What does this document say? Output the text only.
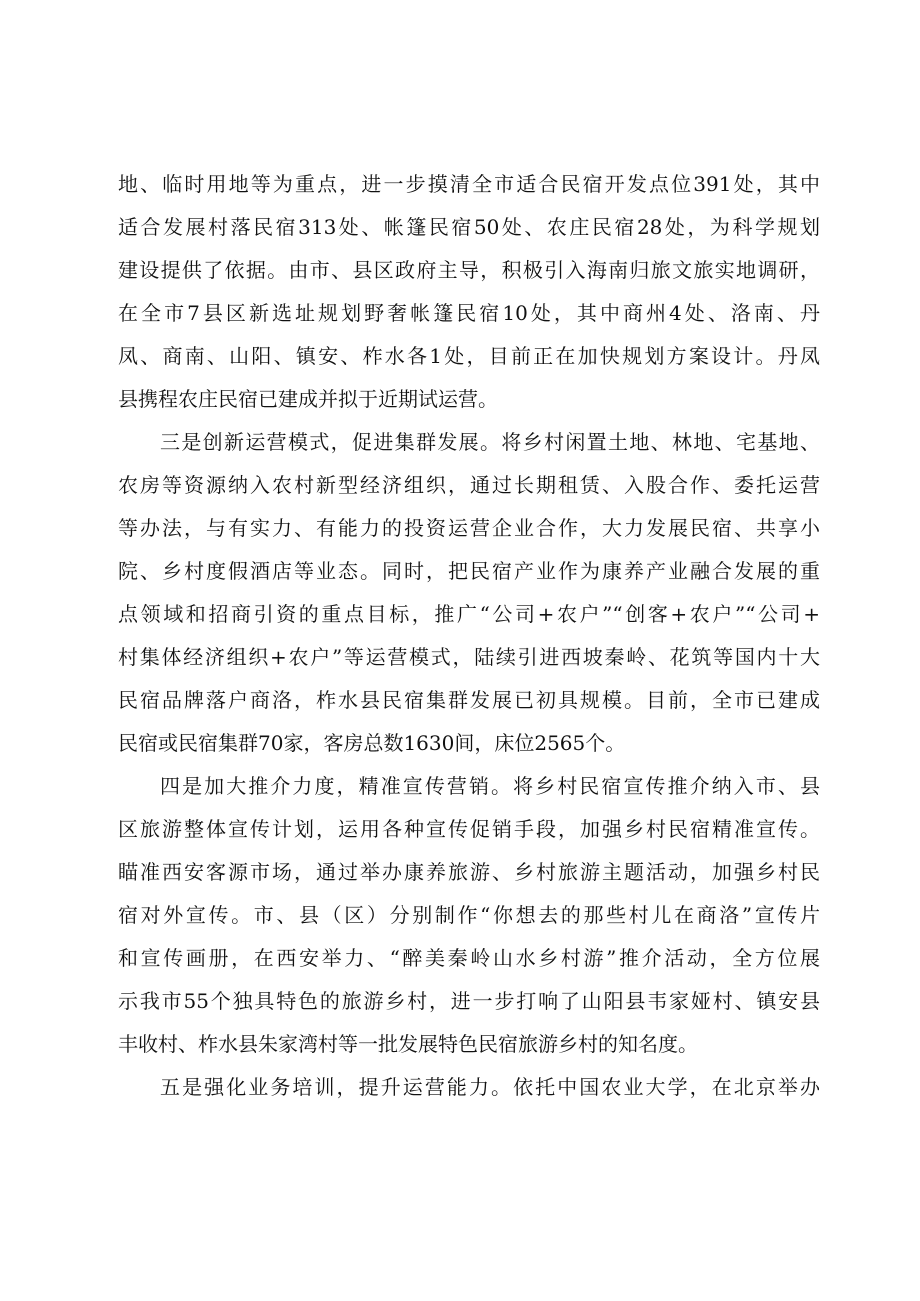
地、临时用地等为重点，进一步摸清全市适合民宿开发点位391处，其中
适合发展村落民宿313处、帐篷民宿50处、农庄民宿28处，为科学规划
建设提供了依据。由市、县区政府主导，积极引入海南归旅文旅实地调研，
在全市7县区新选址规划野奢帐篷民宿10处，其中商州4处、洛南、丹
凤、商南、山阳、镇安、柞水各1处，目前正在加快规划方案设计。丹凤
县携程农庄民宿已建成并拟于近期试运营。
三是创新运营模式，促进集群发展。将乡村闲置土地、林地、宅基地、
农房等资源纳入农村新型经济组织，通过长期租赁、入股合作、委托运营
等办法，与有实力、有能力的投资运营企业合作，大力发展民宿、共享小
院、乡村度假酒店等业态。同时，把民宿产业作为康养产业融合发展的重
点领域和招商引资的重点目标，推广“公司+农户”“创客+农户”“公司+
村集体经济组织+农户”等运营模式，陆续引进西坡秦岭、花筑等国内十大
民宿品牌落户商洛，柞水县民宿集群发展已初具规模。目前，全市已建成
民宿或民宿集群70家，客房总数1630间，床位2565个。
四是加大推介力度，精准宣传营销。将乡村民宿宣传推介纳入市、县
区旅游整体宣传计划，运用各种宣传促销手段，加强乡村民宿精准宣传。
瞄准西安客源市场，通过举办康养旅游、乡村旅游主题活动，加强乡村民
宿对外宣传。市、县（区）分别制作“你想去的那些村儿在商洛”宣传片
和宣传画册，在西安举力、“醉美秦岭山水乡村游”推介活动，全方位展
示我市55个独具特色的旅游乡村，进一步打响了山阳县韦家娅村、镇安县
丰收村、柞水县朱家湾村等一批发展特色民宿旅游乡村的知名度。
五是强化业务培训，提升运营能力。依托中国农业大学，在北京举办
